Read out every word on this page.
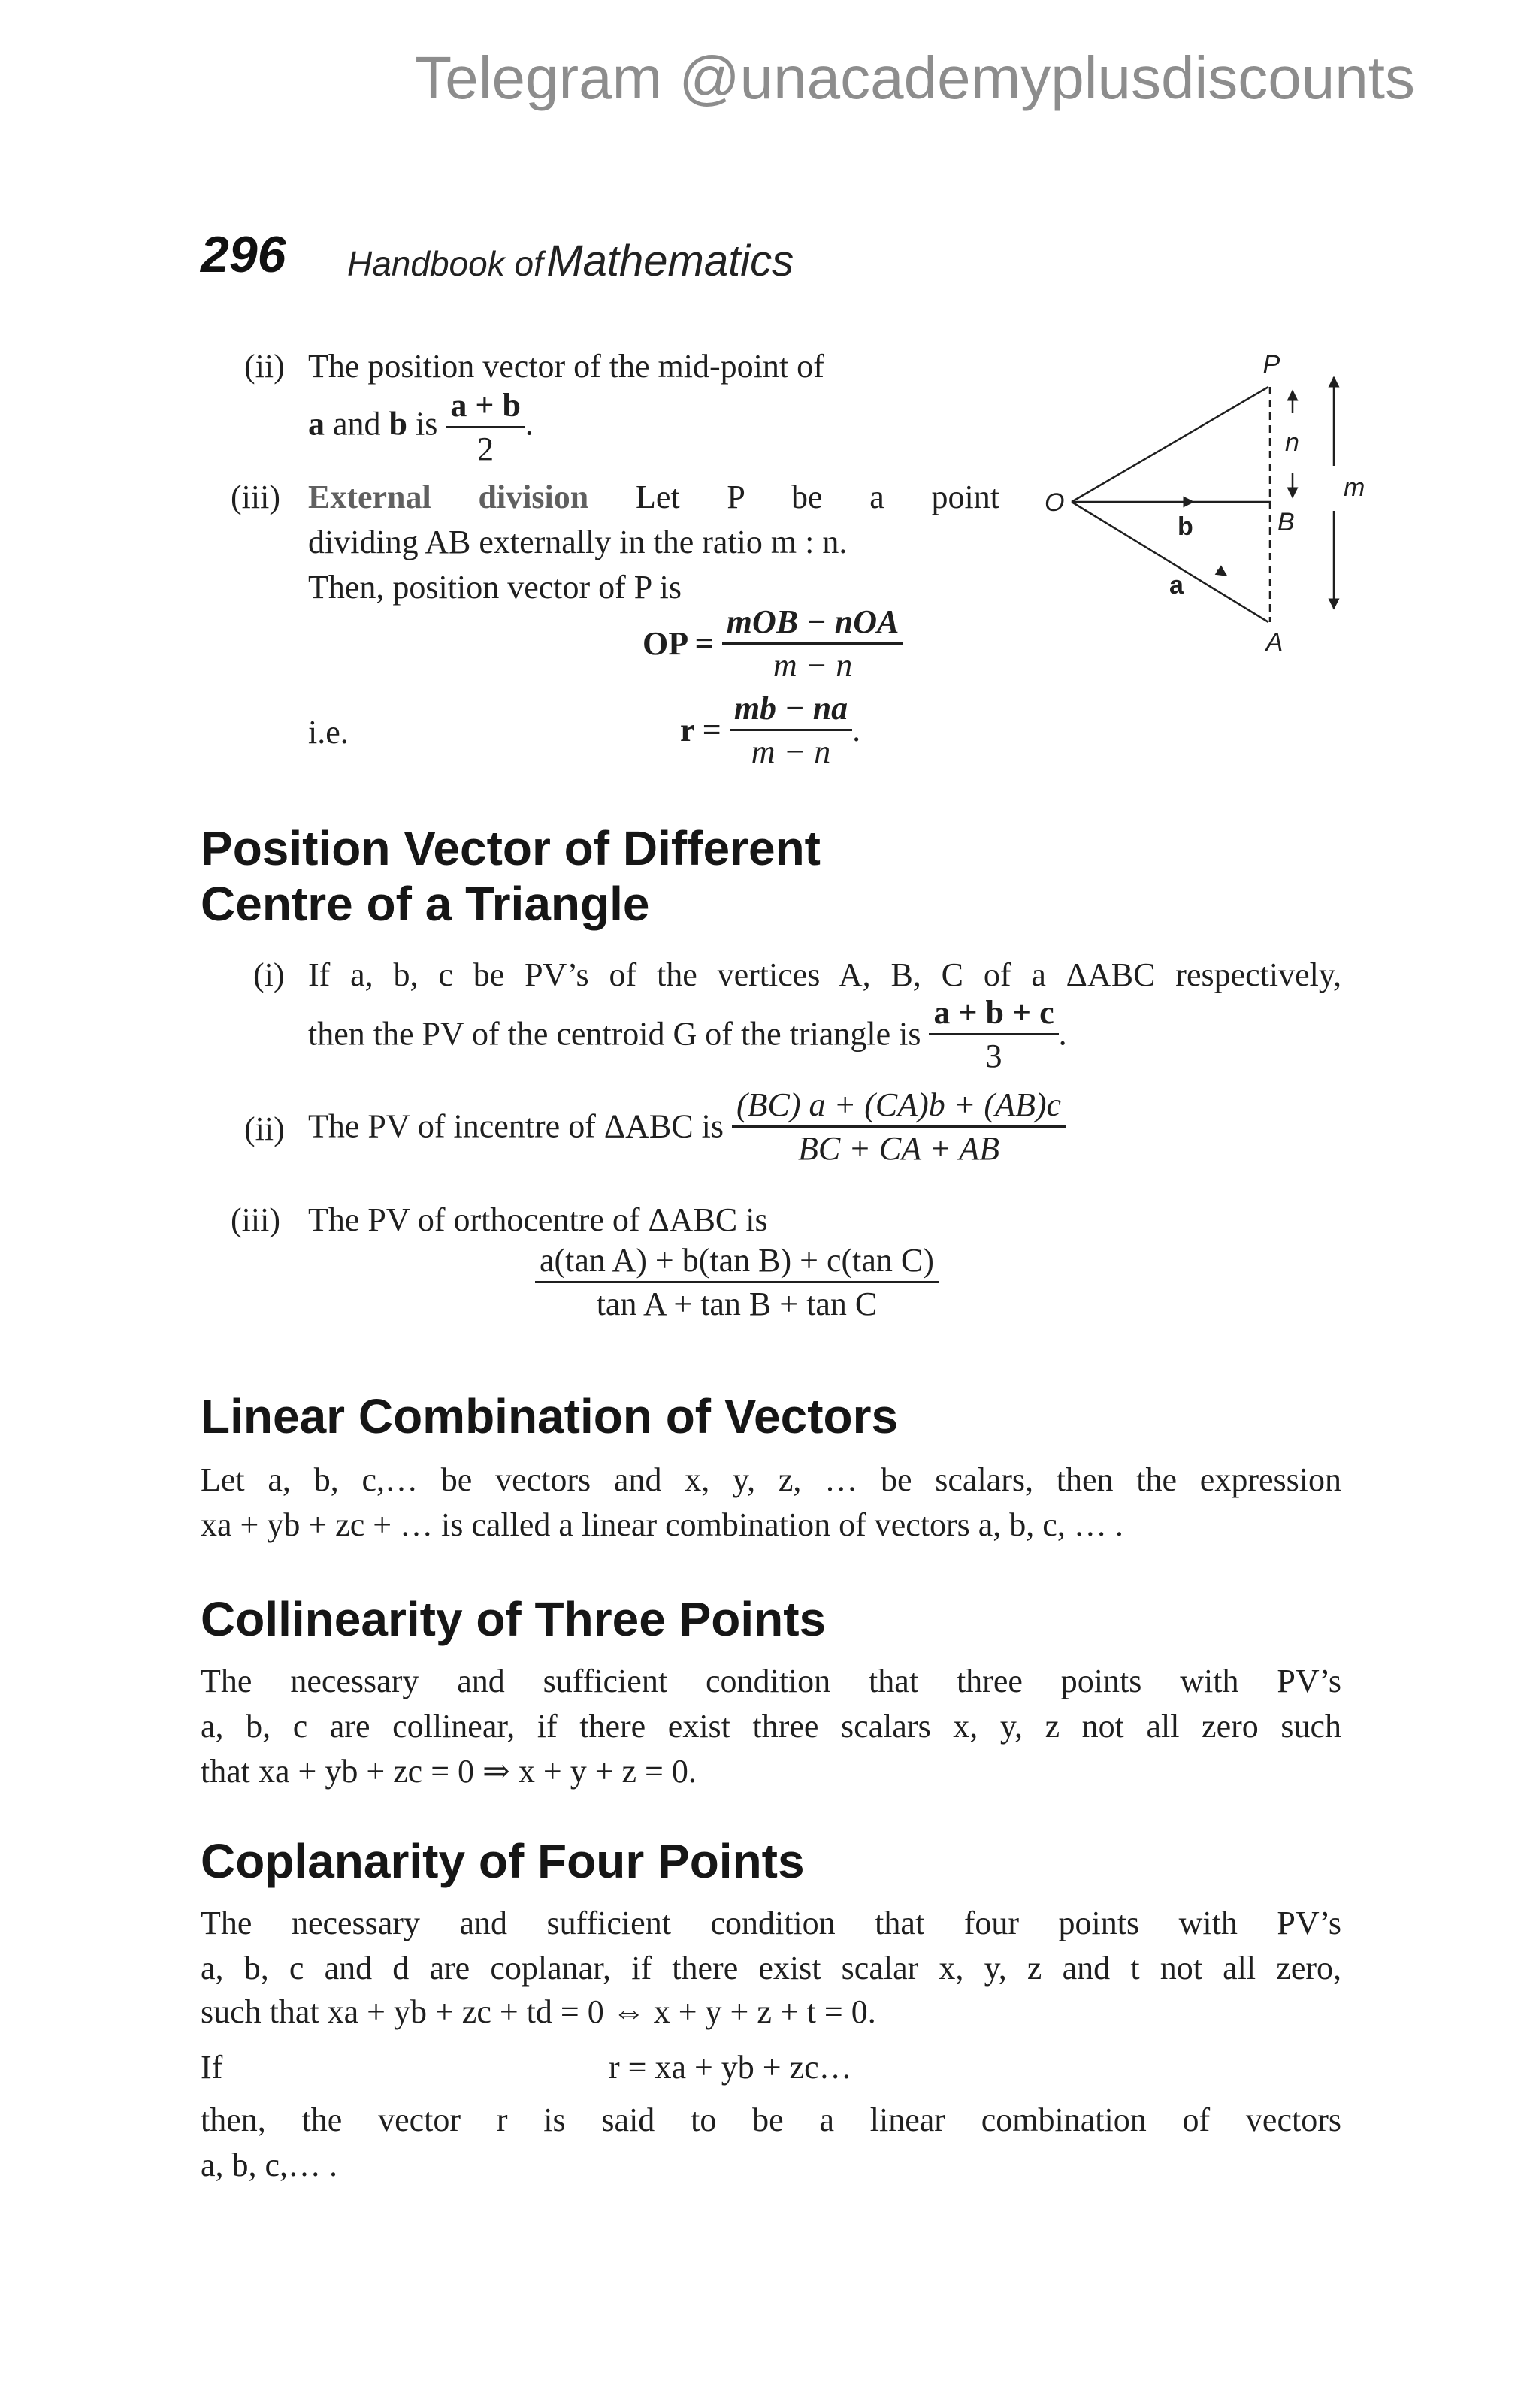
Telegram @unacademyplusdiscounts
296 Handbook of Mathematics
(ii) The position vector of the mid-point of
a and b is $\frac{a + b}{2}$ .
(iii) External division Let P be a point
dividing AB externally in the ratio m : n.
Then, position vector of P is
OP = $\frac{\text{mOB − nOA}}{m - n}$
i.e.	$r = \frac{mb - na}{m - n}$ .
P
O
B
A
b
a
n
m
Position Vector of Different
Centre of a Triangle
(i) If a, b, c be PV’s of the vertices A, B, C of a ΔABC respectively,
then the PV of the centroid G of the triangle is $\frac{a + b + c}{3}$ .
(ii) The PV of incentre of ΔABC is $\frac{(BC) a + (CA)b + (AB)c}{BC + CA + AB}$
(iii) The PV of orthocentre of ΔABC is
$\frac{\text{a(tan A) + b(tan B) + c(tan C)}}{\text{tan A + tan B + tan C}}$
Linear Combination of Vectors
Let a, b, c,… be vectors and x, y, z, … be scalars, then the expression
xa + yb + zc + … is called a linear combination of vectors a, b, c, … .
Collinearity of Three Points
The necessary and sufficient condition that three points with PV’s
a, b, c are collinear, if there exist three scalars x, y, z not all zero such
that xa + yb + zc = 0 ⇒ x + y + z = 0.
Coplanarity of Four Points
The necessary and sufficient condition that four points with PV’s
a, b, c and d are coplanar, if there exist scalar x, y, z and t not all zero,
such that xa + yb + zc + td = 0 ⇔ x + y + z + t = 0.
If	r = xa + yb + zc…
then, the vector r is said to be a linear combination of vectors
a, b, c,… .
